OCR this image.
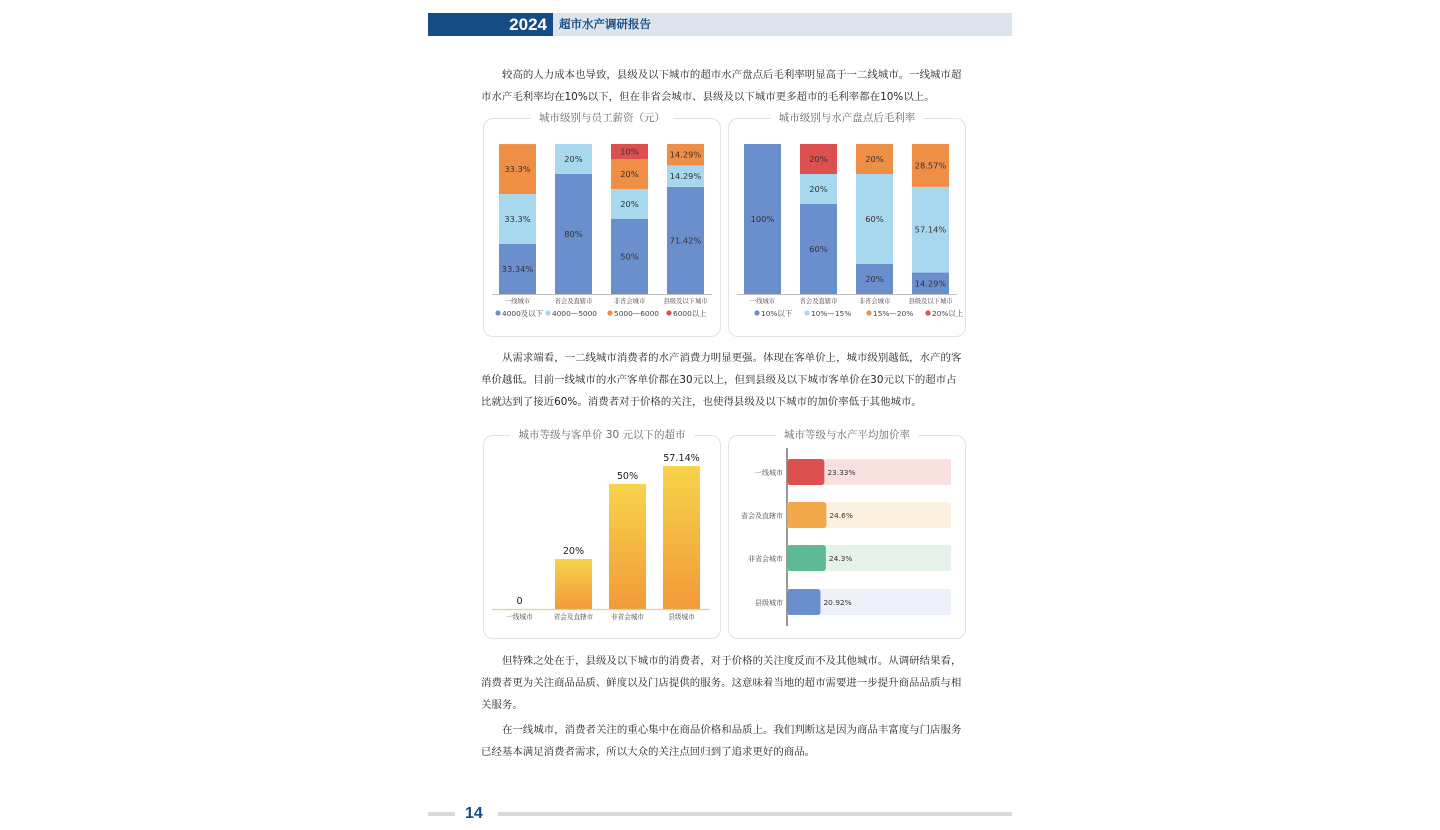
2024 超市水产调研报告

较高的人力成本也导致，县级及以下城市的超市水产盘点后毛利率明显高于一二线城市。一线城市超市水产毛利率均在10%以下，但在非省会城市、县级及以下城市更多超市的毛利率都在10%以上。

城市级别与员工薪资（元）
33.34%
33.3%
33.3%
一线城市
80%
20%
省会及直辖市
50%
20%
20%
10%
非省会城市
71.42%
14.29%
14.29%
县级及以下城市
4000及以下 4000—5000 5000—6000 6000以上
城市级别与水产盘点后毛利率
100%
一线城市
60%
20%
20%
省会及直辖市
20%
60%
20%
非省会城市
14.29%
57.14%
28.57%
县级及以下城市
10%以下	10%—15%	15%—20%	20%以上

从需求端看，一二线城市消费者的水产消费力明显更强。体现在客单价上，城市级别越低，水产的客单价越低。目前一线城市的水产客单价都在30元以上，但到县级及以下城市客单价在30元以下的超市占比就达到了接近60%。消费者对于价格的关注，也使得县级及以下城市的加价率低于其他城市。

城市等级与客单价 30 元以下的超市
0
一线城市
20%
省会及直辖市
50%
非省会城市
57.14%
县级城市
城市等级与水产平均加价率
23.33%
一线城市
24.6%
省会及直辖市
24.3%
非省会城市
20.92%
县级城市

但特殊之处在于，县级及以下城市的消费者，对于价格的关注度反而不及其他城市。从调研结果看，消费者更为关注商品品质、鲜度以及门店提供的服务。这意味着当地的超市需要进一步提升商品品质与相关服务。

在一线城市，消费者关注的重心集中在商品价格和品质上。我们判断这是因为商品丰富度与门店服务已经基本满足消费者需求，所以大众的关注点回归到了追求更好的商品。

14
